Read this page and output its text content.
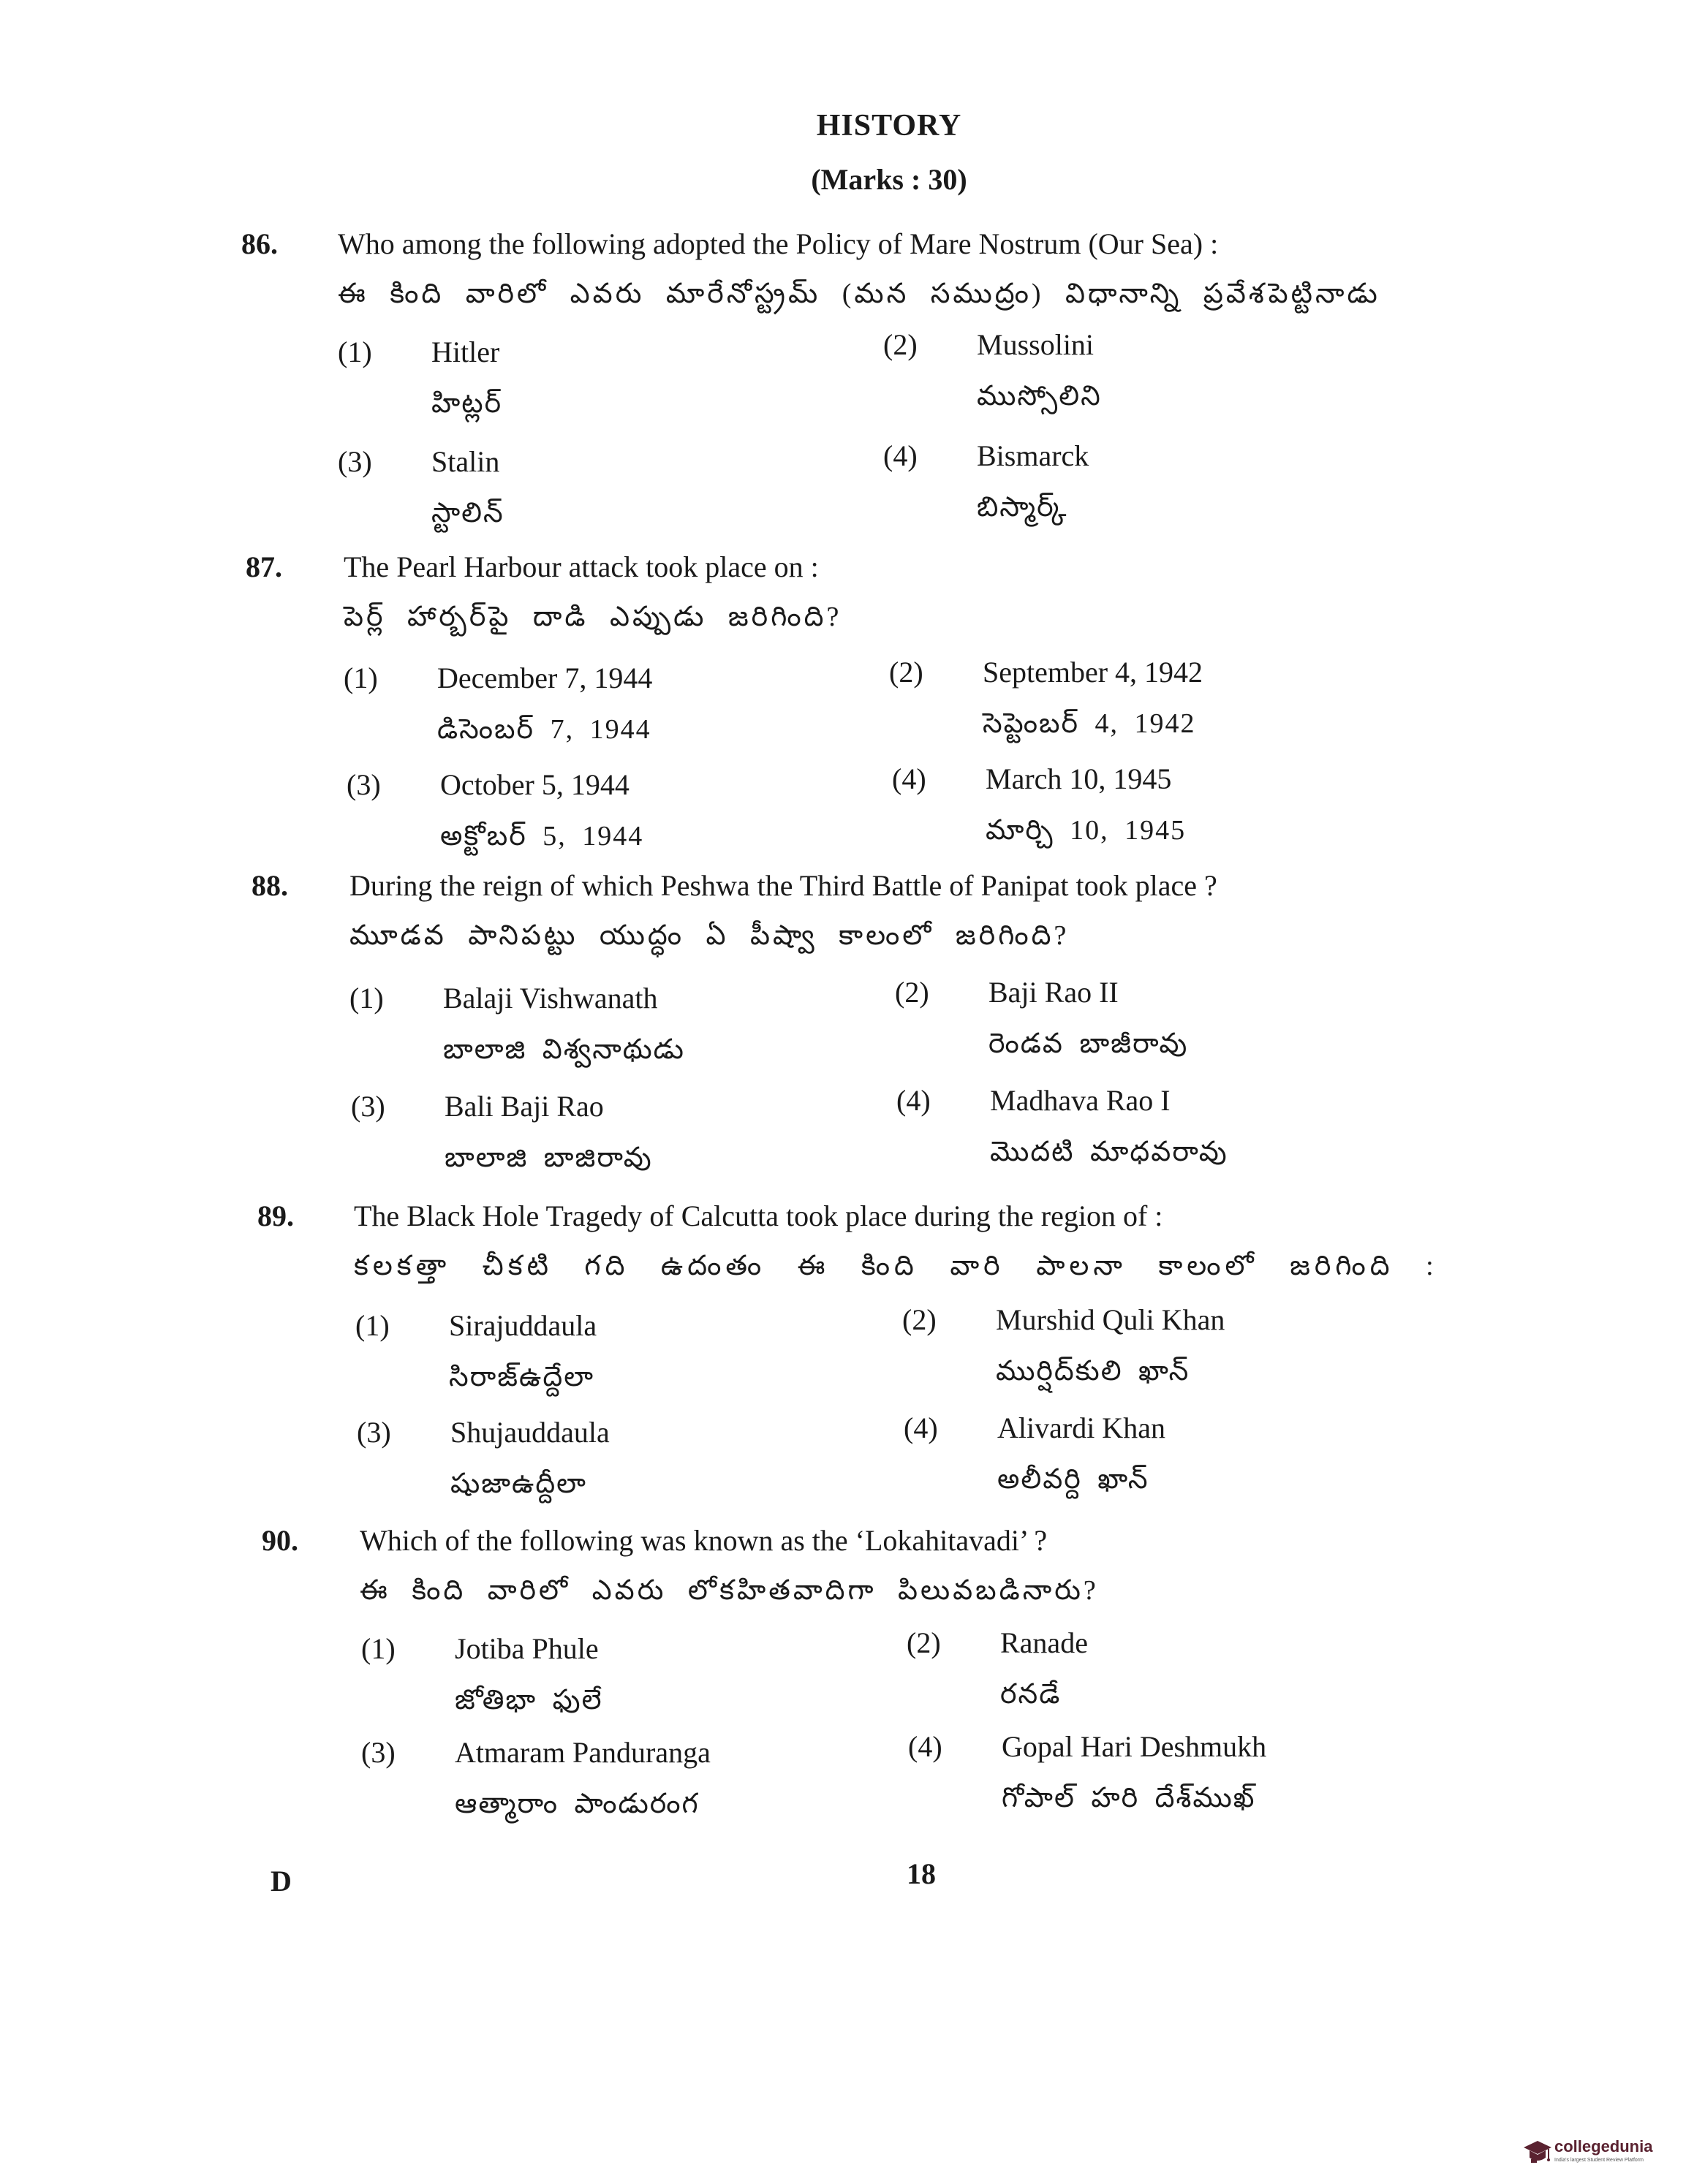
HISTORY
(Marks : 30)
86. Who among the following adopted the Policy of Mare Nostrum (Our Sea) :
ఈ కింది వారిలో ఎవరు మారేనోస్ట్రమ్ (మన సముద్రం) విధానాన్ని ప్రవేశపెట్టినాడు
(1) Hitler
హిట్లర్
(2) Mussolini
ముస్సోలిని
(3) Stalin
స్టాలిన్
(4) Bismarck
బిస్మార్క్
87. The Pearl Harbour attack took place on :
పెర్ల్ హార్బర్‌పై దాడి ఎప్పుడు జరిగింది?
(1) December 7, 1944
డిసెంబర్ 7, 1944
(2) September 4, 1942
సెప్టెంబర్ 4, 1942
(3) October 5, 1944
అక్టోబర్ 5, 1944
(4) March 10, 1945
మార్చి 10, 1945
88. During the reign of which Peshwa the Third Battle of Panipat took place ?
మూడవ పానిపట్టు యుద్ధం ఏ పీష్వా కాలంలో జరిగింది?
(1) Balaji Vishwanath
బాలాజి విశ్వనాథుడు
(2) Baji Rao II
రెండవ బాజీరావు
(3) Bali Baji Rao
బాలాజి బాజిరావు
(4) Madhava Rao I
మొదటి మాధవరావు
89. The Black Hole Tragedy of Calcutta took place during the region of :
కలకత్తా చీకటి గది ఉదంతం ఈ కింది వారి పాలనా కాలంలో జరిగింది :
(1) Sirajuddaula
సిరాజ్‌ఉద్దేలా
(2) Murshid Quli Khan
ముర్షిద్‌కులి ఖాన్
(3) Shujauddaula
షుజాఉద్దీలా
(4) Alivardi Khan
అలీవర్ది ఖాన్
90. Which of the following was known as the ‘Lokahitavadi’ ?
ఈ కింది వారిలో ఎవరు లోకహితవాదిగా పిలువబడినారు?
(1) Jotiba Phule
జోతిభా ఫులే
(2) Ranade
రనడే
(3) Atmaram Panduranga
ఆత్మారాం పాండురంగ
(4) Gopal Hari Deshmukh
గోపాల్ హరి దేశ్‌ముఖ్
D	18
collegedunia
India's largest Student Review Platform
